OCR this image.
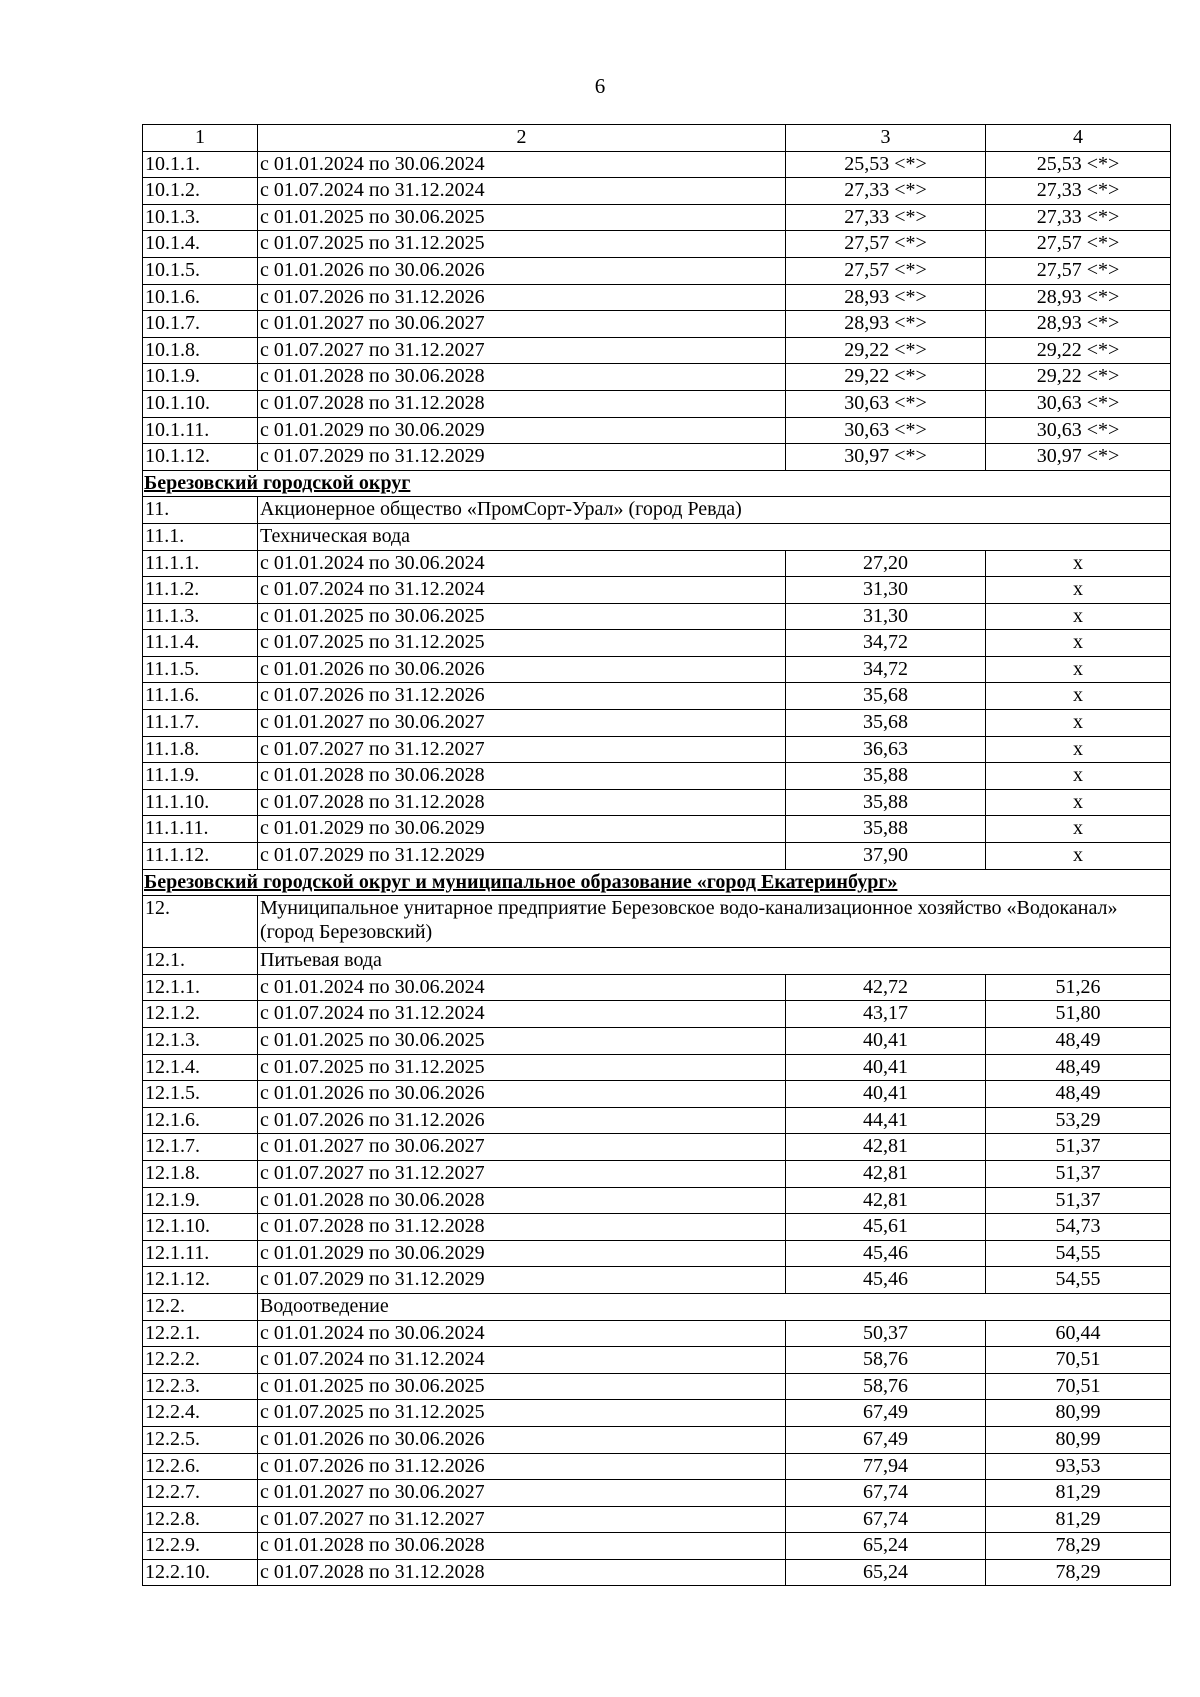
6
1	2	3	4
10.1.1.	с 01.01.2024 по 30.06.2024	25,53 <*>	25,53 <*>
10.1.2.	с 01.07.2024 по 31.12.2024	27,33 <*>	27,33 <*>
10.1.3.	с 01.01.2025 по 30.06.2025	27,33 <*>	27,33 <*>
10.1.4.	с 01.07.2025 по 31.12.2025	27,57 <*>	27,57 <*>
10.1.5.	с 01.01.2026 по 30.06.2026	27,57 <*>	27,57 <*>
10.1.6.	с 01.07.2026 по 31.12.2026	28,93 <*>	28,93 <*>
10.1.7.	с 01.01.2027 по 30.06.2027	28,93 <*>	28,93 <*>
10.1.8.	с 01.07.2027 по 31.12.2027	29,22 <*>	29,22 <*>
10.1.9.	с 01.01.2028 по 30.06.2028	29,22 <*>	29,22 <*>
10.1.10.	с 01.07.2028 по 31.12.2028	30,63 <*>	30,63 <*>
10.1.11.	с 01.01.2029 по 30.06.2029	30,63 <*>	30,63 <*>
10.1.12.	с 01.07.2029 по 31.12.2029	30,97 <*>	30,97 <*>
Березовский городской округ			
11.	Акционерное общество «ПромСорт-Урал» (город Ревда)		
11.1.	Техническая вода		
11.1.1.	с 01.01.2024 по 30.06.2024	27,20	х
11.1.2.	с 01.07.2024 по 31.12.2024	31,30	х
11.1.3.	с 01.01.2025 по 30.06.2025	31,30	х
11.1.4.	с 01.07.2025 по 31.12.2025	34,72	х
11.1.5.	с 01.01.2026 по 30.06.2026	34,72	х
11.1.6.	с 01.07.2026 по 31.12.2026	35,68	х
11.1.7.	с 01.01.2027 по 30.06.2027	35,68	х
11.1.8.	с 01.07.2027 по 31.12.2027	36,63	х
11.1.9.	с 01.01.2028 по 30.06.2028	35,88	х
11.1.10.	с 01.07.2028 по 31.12.2028	35,88	х
11.1.11.	с 01.01.2029 по 30.06.2029	35,88	х
11.1.12.	с 01.07.2029 по 31.12.2029	37,90	х
Березовский городской округ и муниципальное образование «город Екатеринбург»			
12.	Муниципальное унитарное предприятие Березовское водо-канализационное хозяйство «Водоканал» (город Березовский)		
12.1.	Питьевая вода		
12.1.1.	с 01.01.2024 по 30.06.2024	42,72	51,26
12.1.2.	с 01.07.2024 по 31.12.2024	43,17	51,80
12.1.3.	с 01.01.2025 по 30.06.2025	40,41	48,49
12.1.4.	с 01.07.2025 по 31.12.2025	40,41	48,49
12.1.5.	с 01.01.2026 по 30.06.2026	40,41	48,49
12.1.6.	с 01.07.2026 по 31.12.2026	44,41	53,29
12.1.7.	с 01.01.2027 по 30.06.2027	42,81	51,37
12.1.8.	с 01.07.2027 по 31.12.2027	42,81	51,37
12.1.9.	с 01.01.2028 по 30.06.2028	42,81	51,37
12.1.10.	с 01.07.2028 по 31.12.2028	45,61	54,73
12.1.11.	с 01.01.2029 по 30.06.2029	45,46	54,55
12.1.12.	с 01.07.2029 по 31.12.2029	45,46	54,55
12.2.	Водоотведение		
12.2.1.	с 01.01.2024 по 30.06.2024	50,37	60,44
12.2.2.	с 01.07.2024 по 31.12.2024	58,76	70,51
12.2.3.	с 01.01.2025 по 30.06.2025	58,76	70,51
12.2.4.	с 01.07.2025 по 31.12.2025	67,49	80,99
12.2.5.	с 01.01.2026 по 30.06.2026	67,49	80,99
12.2.6.	с 01.07.2026 по 31.12.2026	77,94	93,53
12.2.7.	с 01.01.2027 по 30.06.2027	67,74	81,29
12.2.8.	с 01.07.2027 по 31.12.2027	67,74	81,29
12.2.9.	с 01.01.2028 по 30.06.2028	65,24	78,29
12.2.10.	с 01.07.2028 по 31.12.2028	65,24	78,29
